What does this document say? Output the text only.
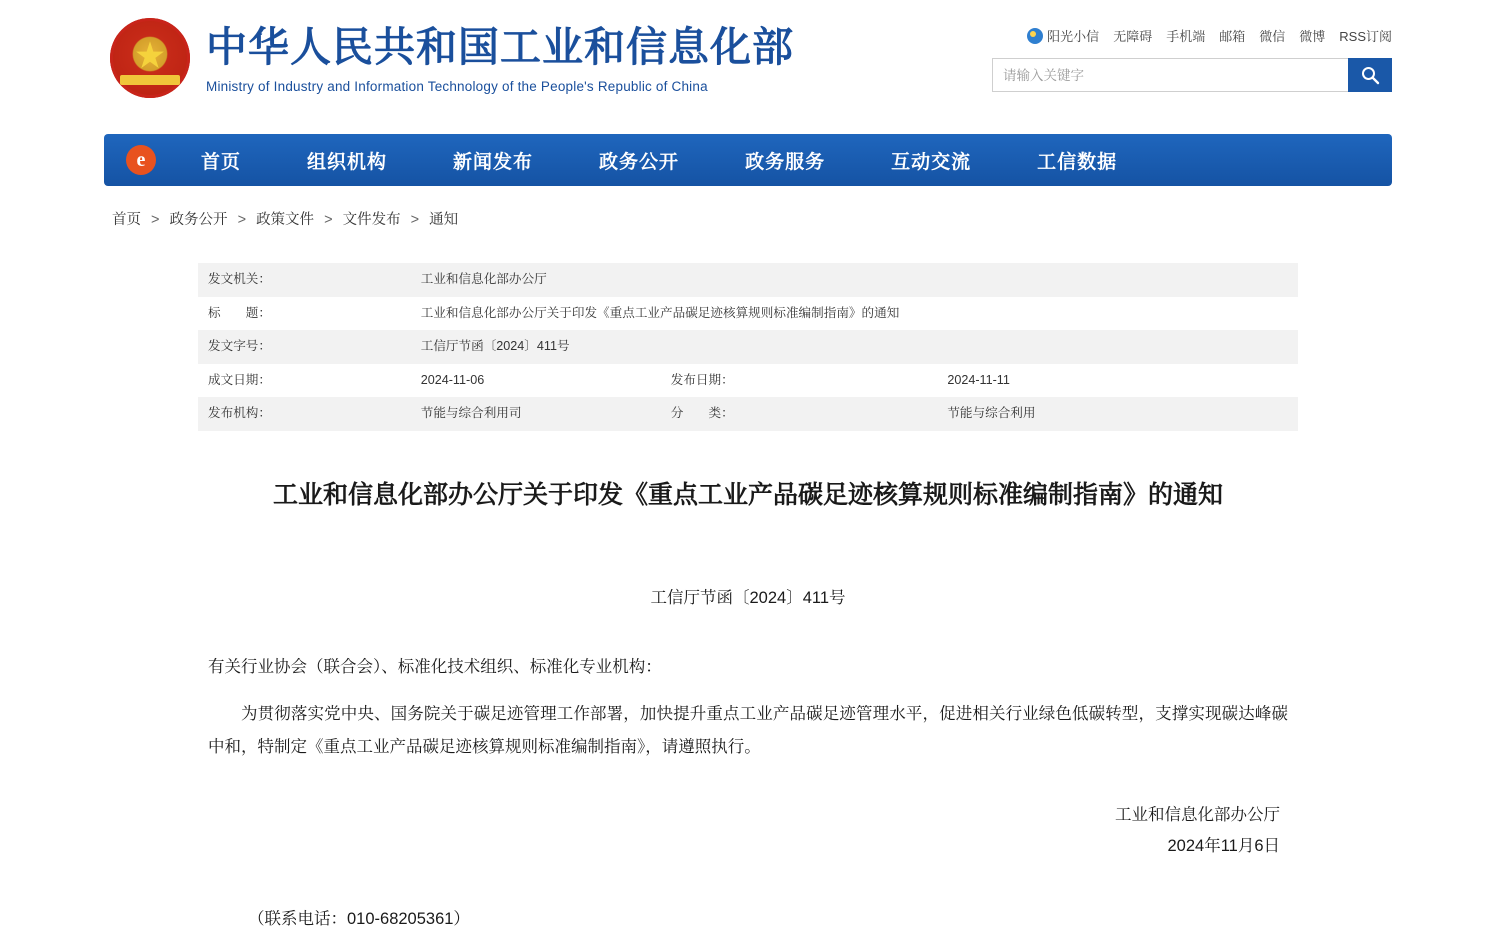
★
中华人民共和国工业和信息化部
Ministry of Industry and Information Technology of the People's Republic of China
阳光小信 无障碍 手机端 邮箱 微信 微博 RSS订阅
请输入关键字
e	首页	组织机构	新闻发布	政务公开	政务服务	互动交流	工信数据
首页 > 政务公开 > 政策文件 > 文件发布 > 通知
发文机关：	工业和信息化部办公厅		
标　　题：	工业和信息化部办公厅关于印发《重点工业产品碳足迹核算规则标准编制指南》的通知		
发文字号：	工信厅节函〔2024〕411号		
成文日期：	2024-11-06	发布日期：	2024-11-11
发布机构：	节能与综合利用司	分　　类：	节能与综合利用
工业和信息化部办公厅关于印发《重点工业产品碳足迹核算规则标准编制指南》的通知
工信厅节函〔2024〕411号
有关行业协会（联合会）、标准化技术组织、标准化专业机构：
为贯彻落实党中央、国务院关于碳足迹管理工作部署，加快提升重点工业产品碳足迹管理水平，促进相关行业绿色低碳转型，支撑实现碳达峰碳中和，特制定《重点工业产品碳足迹核算规则标准编制指南》，请遵照执行。
工业和信息化部办公厅
2024年11月6日
（联系电话：010-68205361）
